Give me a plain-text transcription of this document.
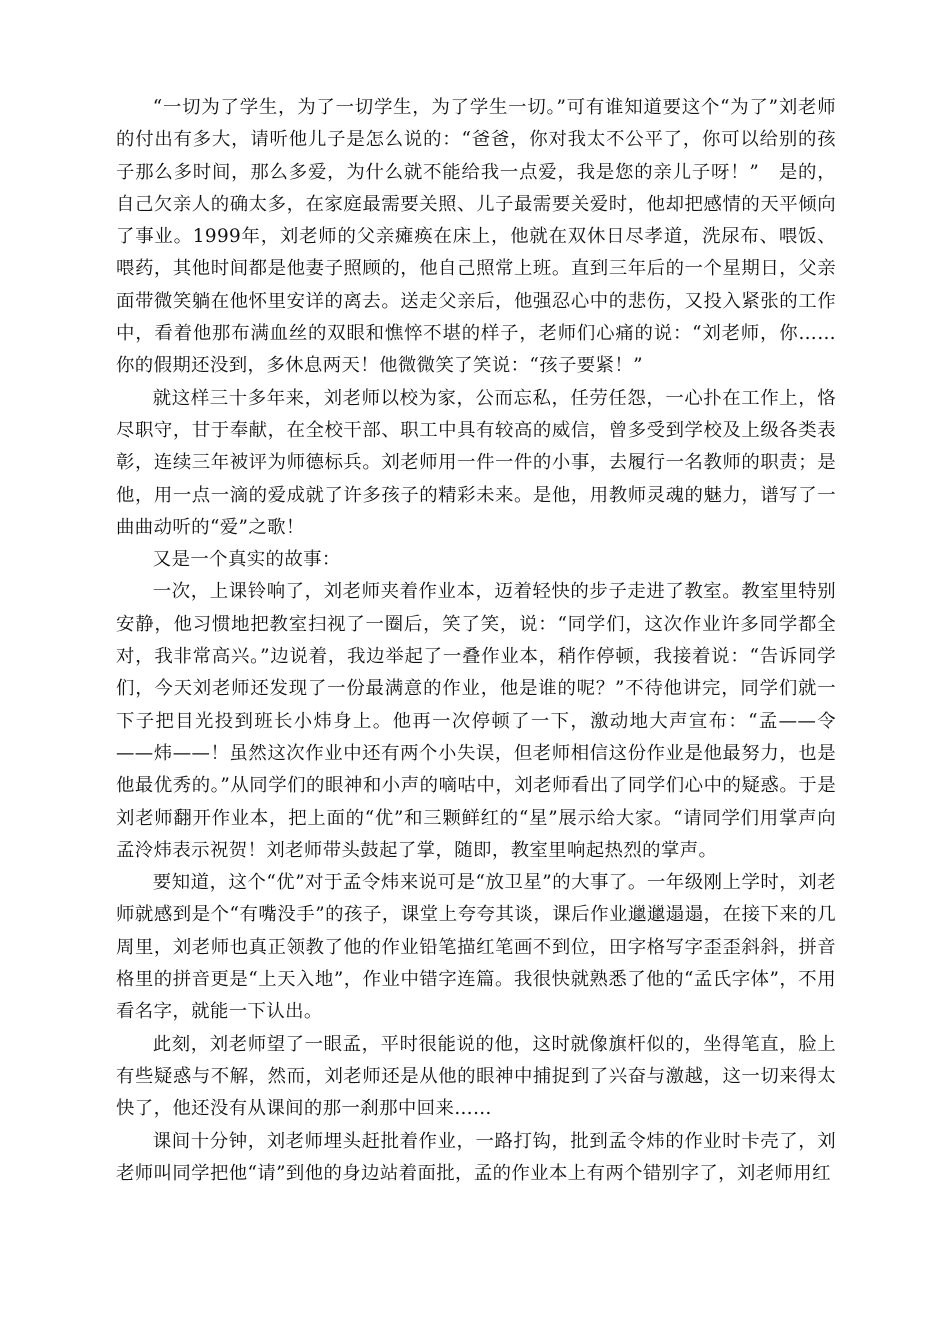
“一切为了学生，为了一切学生，为了学生一切。”可有谁知道要这个“为了”刘老师的付出有多大，请听他儿子是怎么说的：“爸爸，你对我太不公平了，你可以给别的孩子那么多时间，那么多爱，为什么就不能给我一点爱，我是您的亲儿子呀！”　是的，自己欠亲人的确太多，在家庭最需要关照、儿子最需要关爱时，他却把感情的天平倾向了事业。1999年，刘老师的父亲瘫痪在床上，他就在双休日尽孝道，洗尿布、喂饭、喂药，其他时间都是他妻子照顾的，他自己照常上班。直到三年后的一个星期日，父亲面带微笑躺在他怀里安详的离去。送走父亲后，他强忍心中的悲伤，又投入紧张的工作中，看着他那布满血丝的双眼和憔悴不堪的样子，老师们心痛的说：“刘老师，你……你的假期还没到，多休息两天！他微微笑了笑说：“孩子要紧！”

就这样三十多年来，刘老师以校为家，公而忘私，任劳任怨，一心扑在工作上，恪尽职守，甘于奉献，在全校干部、职工中具有较高的威信，曾多受到学校及上级各类表彰，连续三年被评为师德标兵。刘老师用一件一件的小事，去履行一名教师的职责；是他，用一点一滴的爱成就了许多孩子的精彩未来。是他，用教师灵魂的魅力，谱写了一曲曲动听的“爱”之歌！

又是一个真实的故事：

一次，上课铃响了，刘老师夹着作业本，迈着轻快的步子走进了教室。教室里特别安静，他习惯地把教室扫视了一圈后，笑了笑，说：“同学们，这次作业许多同学都全对，我非常高兴。”边说着，我边举起了一叠作业本，稍作停顿，我接着说：“告诉同学们，今天刘老师还发现了一份最满意的作业，他是谁的呢？”不待他讲完，同学们就一下子把目光投到班长小炜身上。他再一次停顿了一下，激动地大声宣布：“孟——令——炜——！虽然这次作业中还有两个小失误，但老师相信这份作业是他最努力，也是他最优秀的。”从同学们的眼神和小声的嘀咕中，刘老师看出了同学们心中的疑惑。于是刘老师翻开作业本，把上面的“优”和三颗鲜红的“星”展示给大家。“请同学们用掌声向孟泠炜表示祝贺！刘老师带头鼓起了掌，随即，教室里响起热烈的掌声。

要知道，这个“优”对于孟令炜来说可是“放卫星”的大事了。一年级刚上学时，刘老师就感到是个“有嘴没手”的孩子，课堂上夸夸其谈，课后作业邋邋遢遢，在接下来的几周里，刘老师也真正领教了他的作业铅笔描红笔画不到位，田字格写字歪歪斜斜，拼音格里的拼音更是“上天入地”，作业中错字连篇。我很快就熟悉了他的“孟氏字体”，不用看名字，就能一下认出。

此刻，刘老师望了一眼孟，平时很能说的他，这时就像旗杆似的，坐得笔直，脸上有些疑惑与不解，然而，刘老师还是从他的眼神中捕捉到了兴奋与激越，这一切来得太快了，他还没有从课间的那一刹那中回来……

课间十分钟，刘老师埋头赶批着作业，一路打钩，批到孟令炜的作业时卡壳了，刘老师叫同学把他“请”到他的身边站着面批，孟的作业本上有两个错别字了，刘老师用红
